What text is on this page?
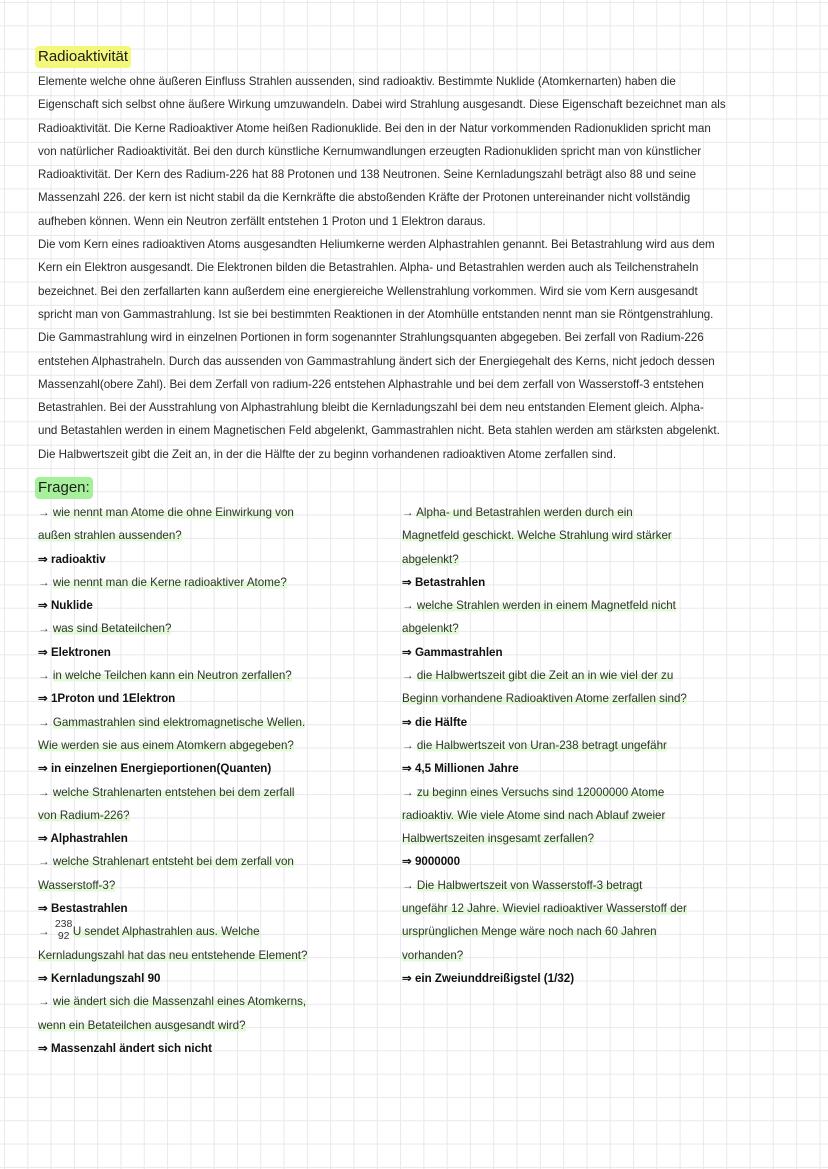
Radioaktivität
Elemente welche ohne äußeren Einfluss Strahlen aussenden, sind radioaktiv. Bestimmte Nuklide (Atomkernarten) haben die
Eigenschaft sich selbst ohne äußere Wirkung umzuwandeln. Dabei wird Strahlung ausgesandt. Diese Eigenschaft bezeichnet man als
Radioaktivität. Die Kerne Radioaktiver Atome heißen Radionuklide. Bei den in der Natur vorkommenden Radionukliden spricht man
von natürlicher Radioaktivität. Bei den durch künstliche Kernumwandlungen erzeugten Radionukliden spricht man von künstlicher
Radioaktivität. Der Kern des Radium-226 hat 88 Protonen und 138 Neutronen. Seine Kernladungszahl beträgt also 88 und seine
Massenzahl 226. der kern ist nicht stabil da die Kernkräfte die abstoßenden Kräfte der Protonen untereinander nicht vollständig
aufheben können. Wenn ein Neutron zerfällt entstehen 1 Proton und 1 Elektron daraus.
Die vom Kern eines radioaktiven Atoms ausgesandten Heliumkerne werden Alphastrahlen genannt. Bei Betastrahlung wird aus dem
Kern ein Elektron ausgesandt. Die Elektronen bilden die Betastrahlen. Alpha- und Betastrahlen werden auch als Teilchenstraheln
bezeichnet. Bei den zerfallarten kann außerdem eine energiereiche Wellenstrahlung vorkommen. Wird sie vom Kern ausgesandt
spricht man von Gammastrahlung. Ist sie bei bestimmten Reaktionen in der Atomhülle entstanden nennt man sie Röntgenstrahlung.
Die Gammastrahlung wird in einzelnen Portionen in form sogenannter Strahlungsquanten abgegeben. Bei zerfall von Radium-226
entstehen Alphastraheln. Durch das aussenden von Gammastrahlung ändert sich der Energiegehalt des Kerns, nicht jedoch dessen
Massenzahl(obere Zahl). Bei dem Zerfall von radium-226 entstehen Alphastrahle und bei dem zerfall von Wasserstoff-3 entstehen
Betastrahlen. Bei der Ausstrahlung von Alphastrahlung bleibt die Kernladungszahl bei dem neu entstanden Element gleich. Alpha-
und Betastahlen werden in einem Magnetischen Feld abgelenkt, Gammastrahlen nicht. Beta stahlen werden am stärksten abgelenkt.
Die Halbwertszeit gibt die Zeit an, in der die Hälfte der zu beginn vorhandenen radioaktiven Atome zerfallen sind.
Fragen:
→ wie nennt man Atome die ohne Einwirkung von
außen strahlen aussenden?
⇒ radioaktiv
→ wie nennt man die Kerne radioaktiver Atome?
⇒ Nuklide
→ was sind Betateilchen?
⇒ Elektronen
→ in welche Teilchen kann ein Neutron zerfallen?
⇒ 1Proton und 1Elektron
→ Gammastrahlen sind elektromagnetische Wellen.
Wie werden sie aus einem Atomkern abgegeben?
⇒ in einzelnen Energieportionen(Quanten)
→ welche Strahlenarten entstehen bei dem zerfall
von Radium-226?
⇒ Alphastrahlen
→ welche Strahlenart entsteht bei dem zerfall von
Wasserstoff-3?
⇒ Bestastrahlen
→
238
92 U sendet Alphastrahlen aus. Welche
Kernladungszahl hat das neu entstehende Element?
⇒ Kernladungszahl 90
→ wie ändert sich die Massenzahl eines Atomkerns,
wenn ein Betateilchen ausgesandt wird?
⇒ Massenzahl ändert sich nicht
→ Alpha- und Betastrahlen werden durch ein
Magnetfeld geschickt. Welche Strahlung wird stärker
abgelenkt?
⇒ Betastrahlen
→ welche Strahlen werden in einem Magnetfeld nicht
abgelenkt?
⇒ Gammastrahlen
→ die Halbwertszeit gibt die Zeit an in wie viel der zu
Beginn vorhandene Radioaktiven Atome zerfallen sind?
⇒ die Hälfte
→ die Halbwertszeit von Uran-238 betragt ungefähr
⇒ 4,5 Millionen Jahre
→ zu beginn eines Versuchs sind 12000000 Atome
radioaktiv. Wie viele Atome sind nach Ablauf zweier
Halbwertszeiten insgesamt zerfallen?
⇒ 9000000
→ Die Halbwertszeit von Wasserstoff-3 betragt
ungefähr 12 Jahre. Wieviel radioaktiver Wasserstoff der
ursprünglichen Menge wäre noch nach 60 Jahren
vorhanden?
⇒ ein Zweiunddreißigstel (1/32)
